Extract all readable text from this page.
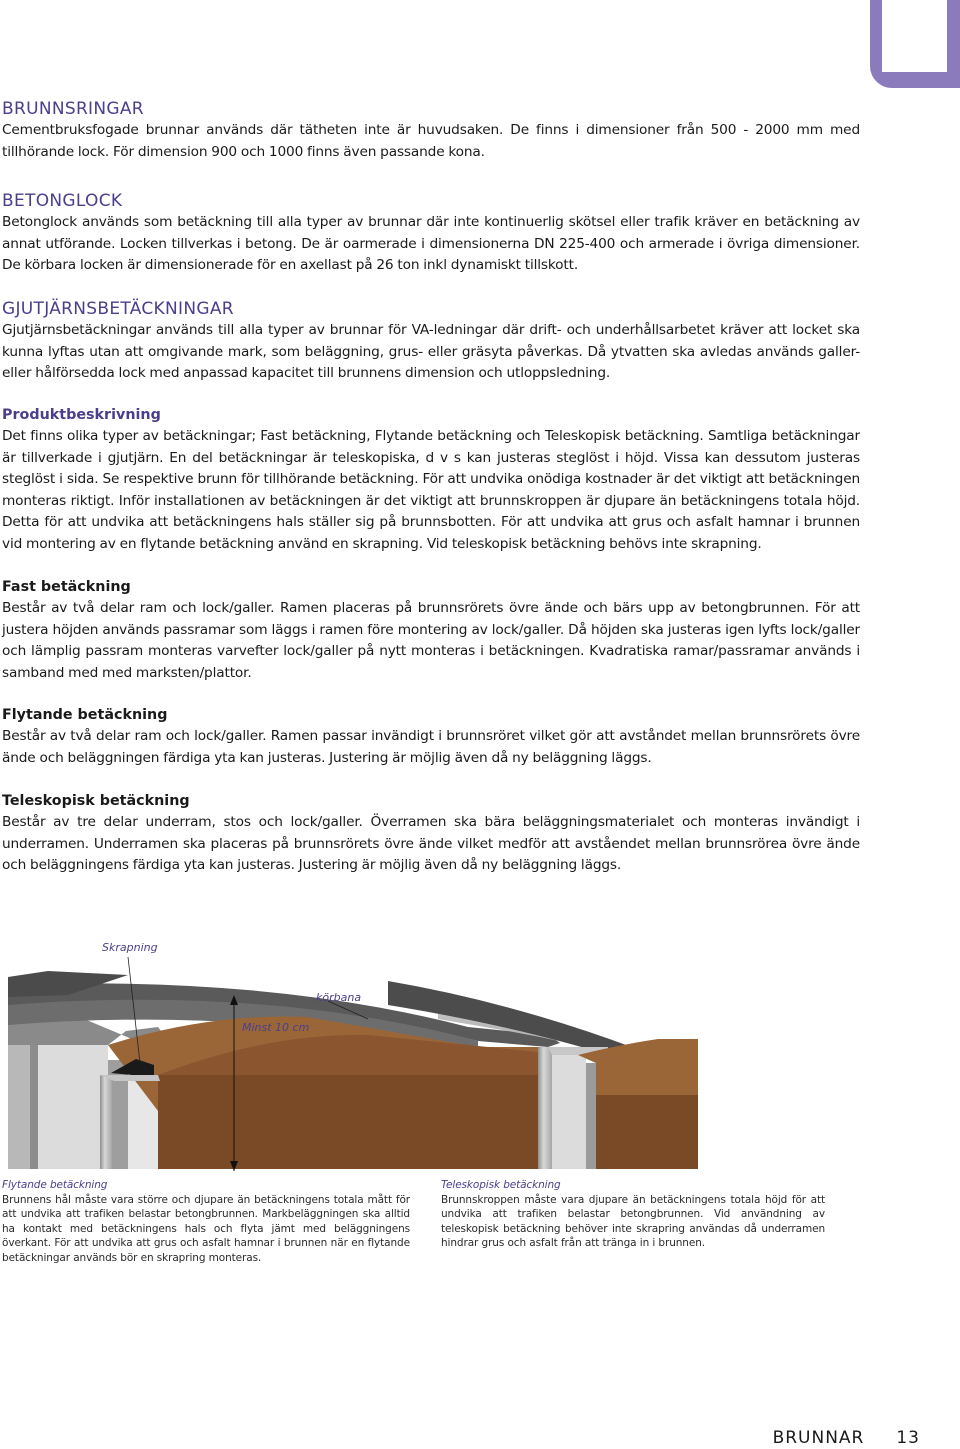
BRUNNSRINGAR

Cementbruksfogade brunnar används där tätheten inte är huvudsaken. De finns i dimensioner från 500 - 2000 mm med tillhörande lock. För dimension 900 och 1000 finns även passande kona.

BETONGLOCK

Betonglock används som betäckning till alla typer av brunnar där inte kontinuerlig skötsel eller trafik kräver en betäckning av annat utförande. Locken tillverkas i betong. De är oarmerade i dimensionerna DN 225-400 och armerade i övriga dimensioner. De körbara locken är dimensionerade för en axellast på 26 ton inkl dynamiskt tillskott.

GJUTJÄRNSBETÄCKNINGAR

Gjutjärnsbetäckningar används till alla typer av brunnar för VA-ledningar där drift- och underhållsarbetet kräver att locket ska kunna lyftas utan att omgivande mark, som beläggning, grus- eller gräsyta påverkas. Då ytvatten ska avledas används galler- eller hålförsedda lock med anpassad kapacitet till brunnens dimension och utloppsledning.

Produktbeskrivning

Det finns olika typer av betäckningar; Fast betäckning, Flytande betäckning och Teleskopisk betäckning. Samtliga betäckningar är tillverkade i gjutjärn. En del betäckningar är teleskopiska, d v s kan justeras steglöst i höjd. Vissa kan dessutom justeras steglöst i sida. Se respektive brunn för tillhörande betäckning. För att undvika onödiga kostnader är det viktigt att betäckningen monteras riktigt. Inför installationen av betäckningen är det viktigt att brunnskroppen är djupare än betäckningens totala höjd. Detta för att undvika att betäckningens hals ställer sig på brunnsbotten. För att undvika att grus och asfalt hamnar i brunnen vid montering av en flytande betäckning använd en skrapning. Vid teleskopisk betäckning behövs inte skrapning.

Fast betäckning

Består av två delar ram och lock/galler. Ramen placeras på brunnsrörets övre ände och bärs upp av betongbrunnen. För att justera höjden används passramar som läggs i ramen före montering av lock/galler. Då höjden ska justeras igen lyfts lock/galler och lämplig passram monteras varvefter lock/galler på nytt monteras i betäckningen. Kvadratiska ramar/passramar används i samband med med marksten/plattor.

Flytande betäckning

Består av två delar ram och lock/galler. Ramen passar invändigt i brunnsröret vilket gör att avståndet mellan brunnsrörets övre ände och beläggningen färdiga yta kan justeras. Justering är möjlig även då ny beläggning läggs.

Teleskopisk betäckning

Består av tre delar underram, stos och lock/galler. Överramen ska bära beläggningsmaterialet och monteras invändigt i underramen. Underramen ska placeras på brunnsrörets övre ände vilket medför att avståendet mellan brunnsrörea övre ände och beläggningens färdiga yta kan justeras. Justering är möjlig även då ny beläggning läggs.

Skrapning
körbana
Minst 10 cm
Flytande betäckning
Brunnens hål måste vara större och djupare än betäckningens totala mått för att undvika att trafiken belastar betongbrunnen. Markbeläggningen ska alltid ha kontakt med betäckningens hals och flyta jämt med beläggningens överkant. För att undvika att grus och asfalt hamnar i brunnen när en flytande betäckningar används bör en skrapring monteras.
Teleskopisk betäckning
Brunnskroppen måste vara djupare än betäckningens totala höjd för att undvika att trafiken belastar betongbrunnen. Vid användning av teleskopisk betäckning behöver inte skrapring användas då underramen hindrar grus och asfalt från att tränga in i brunnen.
BRUNNAR 13
